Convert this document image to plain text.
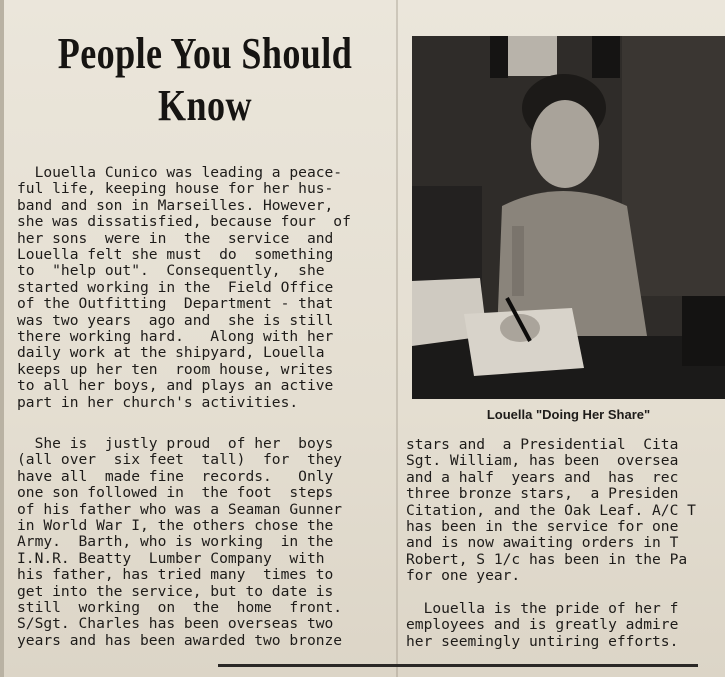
People You Should
Know
Louella Cunico was leading a peace-
ful life, keeping house for her hus-
band and son in Marseilles. However,
she was dissatisfied, because four  of
her sons  were in  the  service  and
Louella felt she must  do  something
to  "help out".  Consequently,  she
started working in the  Field Office
of the Outfitting  Department - that
was two years  ago and  she is still
there working hard.   Along with her
daily work at the shipyard, Louella
keeps up her ten  room house, writes
to all her boys, and plays an active
part in her church's activities.
She is  justly proud  of her  boys
(all over  six feet  tall)  for  they
have all  made fine  records.   Only
one son followed in  the foot  steps
of his father who was a Seaman Gunner
in World War I, the others chose the
Army.  Barth, who is working  in the
I.N.R. Beatty  Lumber Company  with
his father, has tried many  times to
get into the service, but to date is
still  working  on  the  home  front.
S/Sgt. Charles has been overseas two
years and has been awarded two bronze
Louella "Doing Her Share"
stars and  a Presidential  Cita
Sgt. William, has been  oversea
and a half  years and  has  rec
three bronze stars,  a Presiden
Citation, and the Oak Leaf. A/C T
has been in the service for one
and is now awaiting orders in T
Robert, S 1/c has been in the Pa
for one year.

Louella is the pride of her f
employees and is greatly admire
her seemingly untiring efforts.
